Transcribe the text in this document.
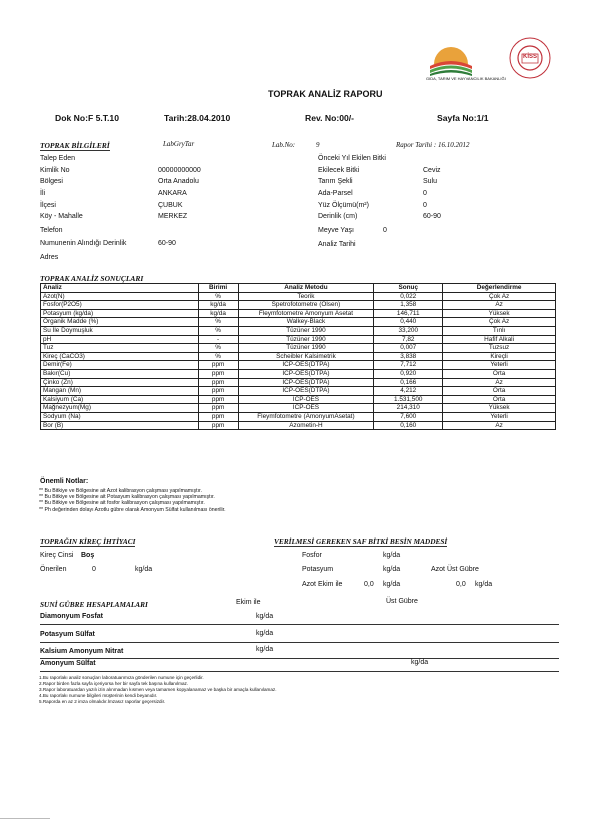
GIDA, TARIM VE HAYVANCILIK BAKANLIĞI
KİSS
TOPRAK ANALİZ RAPORU
Dok No:F 5.T.10	Tarih:28.04.2010	Rev. No:00/-	Sayfa No:1/1
TOPRAK BİLGİLERİ	LabGryTar	Lab.No:	9	Rapor Tarihi : 16.10.2012
Talep Eden
Kimlik No	00000000000
Bölgesi	Orta Anadolu
İli	ANKARA
İlçesi	ÇUBUK
Köy - Mahalle	MERKEZ
Telefon
Numunenin Alındığı Derinlik	60-90
Adres
Önceki Yıl Ekilen Bitki
Ekilecek Bitki	Ceviz
Tarım Şekli	Sulu
Ada-Parsel	0
Yüz Ölçümü(m²)	0
Derinlik (cm)	60-90
Meyve Yaşı	0
Analiz Tarihi
TOPRAK ANALİZ SONUÇLARI
Analiz	Birimi	Analiz Metodu	Sonuç	Değerlendirme
Azot(N)	%	Teorik	0,022	Çok Az
Fosfor(P2O5)	kg/da	Spetrofotometre (Olsen)	1,358	Az
Potasyum (kg/da)	kg/da	Fleymfotometre Amonyum Asetat	146,711	Yüksek
Organik Madde (%)	%	Walkey-Black	0,440	Çok Az
Su İle Doymuşluk	%	Tüzüner 1990	33,200	Tınlı
pH	-	Tüzüner 1990	7,82	Hafif Alkali
Tuz	%	Tüzüner 1990	0,007	Tuzsuz
Kireç (CaCO3)	%	Scheibler Kalsimetrik	3,838	Kireçli
Demir(Fe)	ppm	ICP-OES(DTPA)	7,712	Yeterli
Bakır(Cu)	ppm	ICP-OES(DTPA)	0,920	Orta
Çinko (Zn)	ppm	ICP-OES(DTPA)	0,166	Az
Mangan (Mn)	ppm	ICP-OES(DTPA)	4,212	Orta
Kalsiyum (Ca)	ppm	ICP-OES	1.531,500	Orta
Mağnezyum(Mg)	ppm	ICP-OES	214,310	Yüksek
Sodyum (Na)	ppm	Fleymfotometre (AmonyumAsetat)	7,600	Yeterli
Bor (B)	ppm	Azometin-H	0,160	Az
Önemli Notlar:
** Bu Bitkiye ve Bölgesine ait Azot kalibrasyon çalışması yapılmamıştır.
** Bu Bitkiye ve Bölgesine ait Potasyum kalibrasyon çalışması yapılmamıştır.
** Bu Bitkiye ve Bölgesine ait fosfor kalibrasyon çalışması yapılmamıştır.
** Ph değerinden dolayı Azotlu gübre olarak Amonyum Sülfat kullanılması önerilir.
TOPRAĞIN KİREÇ İHTİYACI
Kireç Cinsi Boş
Önerilen	0	kg/da
VERİLMESİ GEREKEN SAF BİTKİ BESİN MADDESİ
Fosfor	kg/da
Potasyum	kg/da	Azot Üst Gübre
Azot Ekim ile	0,0 kg/da	0,0 kg/da
SUNİ GÜBRE HESAPLAMALARI	Ekim ile	Üst Gübre
Diamonyum Fosfat	kg/da
Potasyum Sülfat	kg/da
Kalsium Amonyum Nitrat	kg/da
Amonyum Sülfat	kg/da
1.Bu raporlakı analiz sonuçları laboratuarımıza gönderilen numune için geçerlidir.
2.Rapor birden fazla sayfa içeriyorsa her bir sayfa tek başına kullanılmaz.
3.Rapor laboratuardan yazılı izin alınmadan kısmen veya tamamen kopyalanamaz ve başka bir amaçla kullanılamaz.
4.Bu raporlakı numune bilgileri müşterinin kendi beyanıdır.
5.Raporda en az 2 imza olmalıdır.İmzasız raporlar geçersizdir.
